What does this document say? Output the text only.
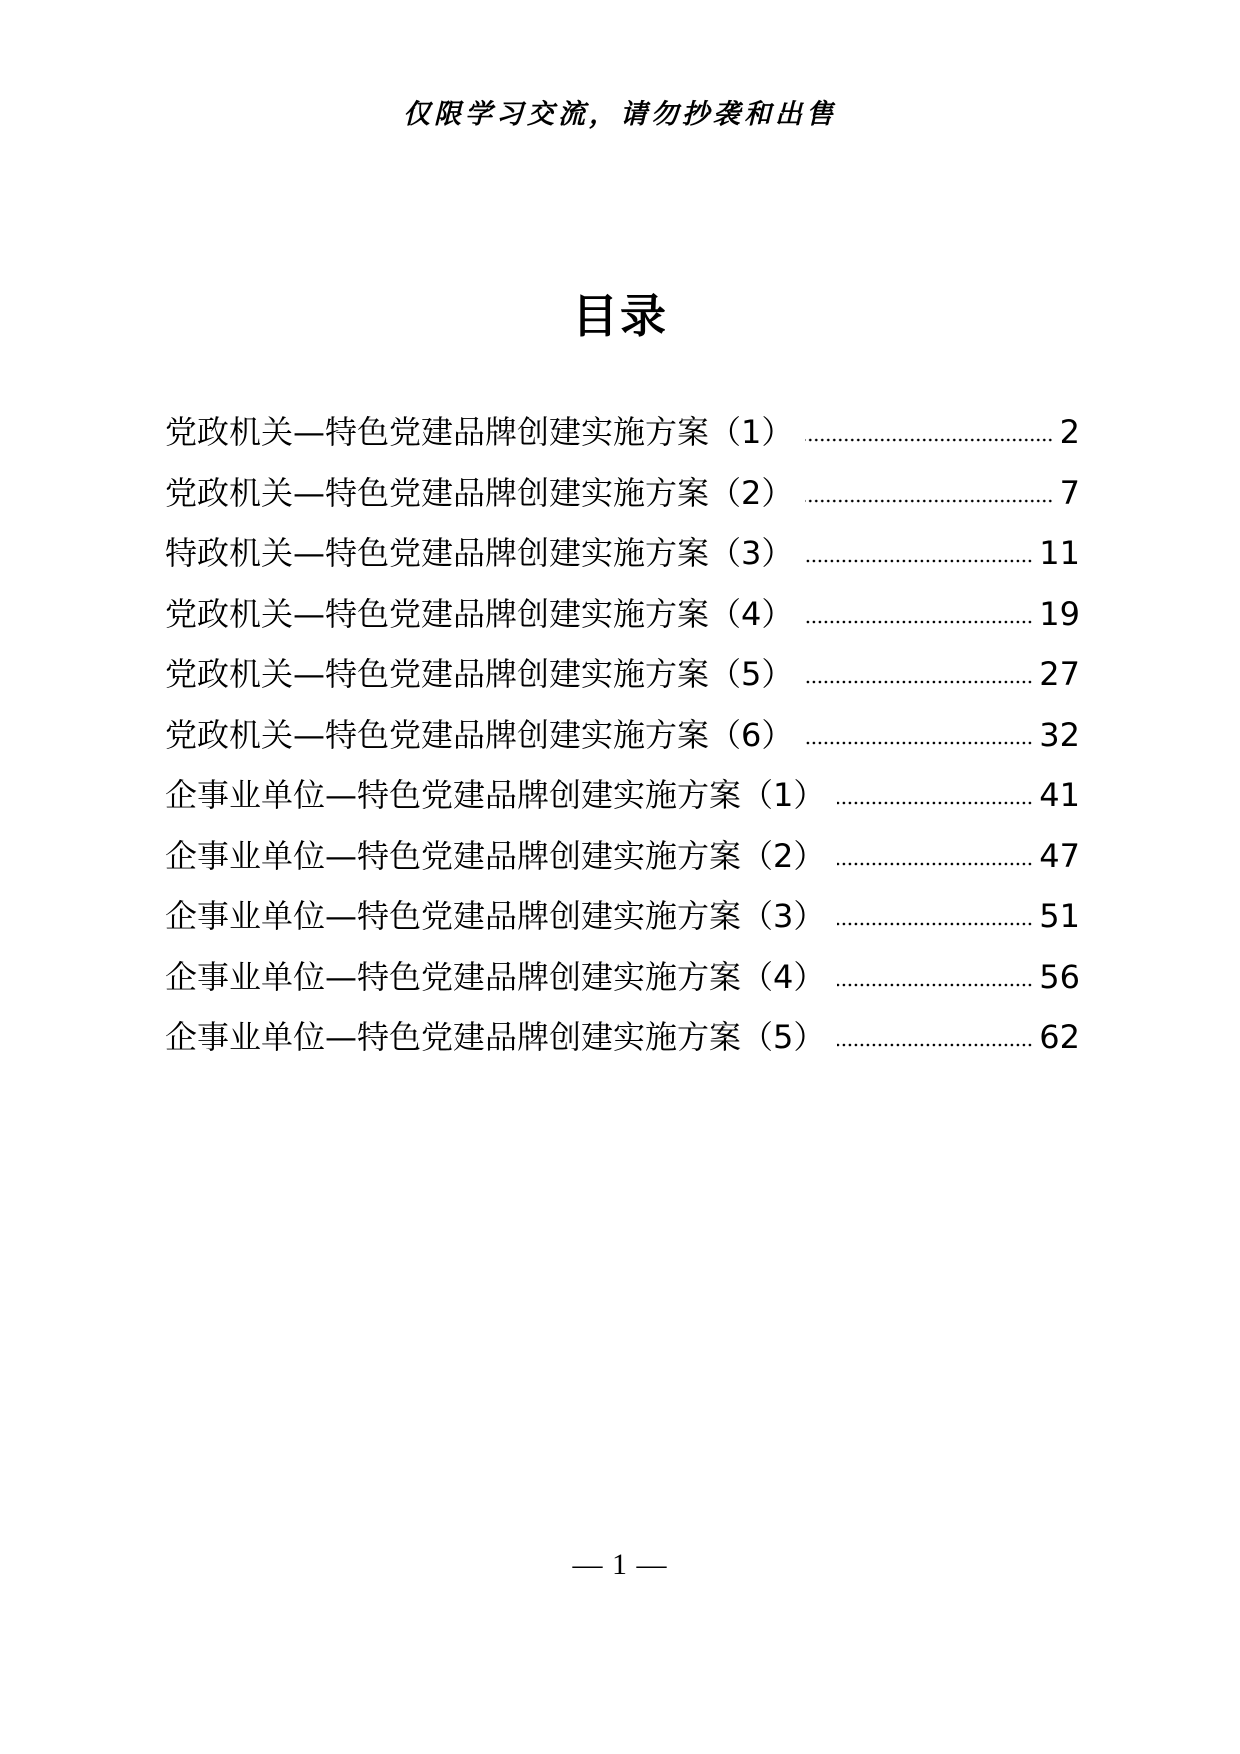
仅限学习交流，请勿抄袭和出售
目录
党政机关—特色党建品牌创建实施方案（1）	2
党政机关—特色党建品牌创建实施方案（2）	7
特政机关—特色党建品牌创建实施方案（3）	11
党政机关—特色党建品牌创建实施方案（4）	19
党政机关—特色党建品牌创建实施方案（5）	27
党政机关—特色党建品牌创建实施方案（6）	32
企事业单位—特色党建品牌创建实施方案（1）	41
企事业单位—特色党建品牌创建实施方案（2）	47
企事业单位—特色党建品牌创建实施方案（3）	51
企事业单位—特色党建品牌创建实施方案（4）	56
企事业单位—特色党建品牌创建实施方案（5）	62
— 1 —
